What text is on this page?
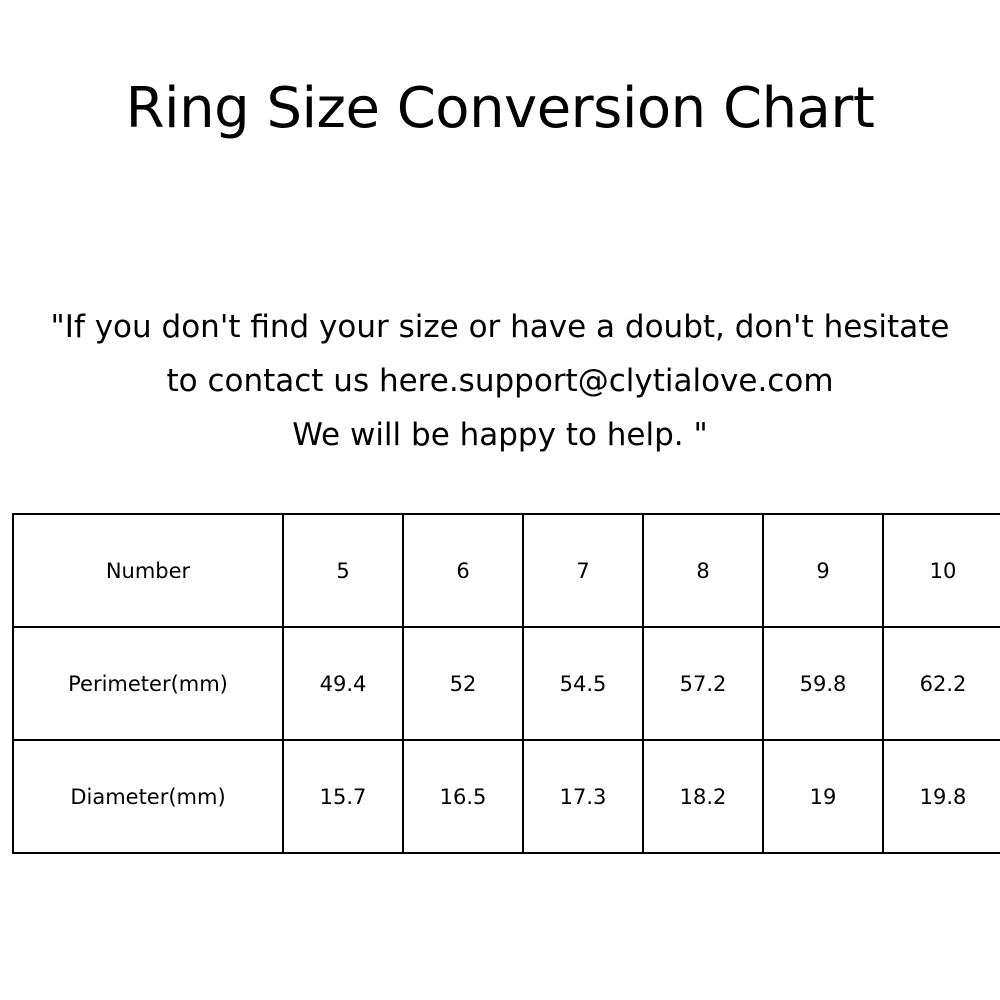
Ring Size Conversion Chart
"If you don't find your size or have a doubt, don't hesitate
to contact us here.support@clytialove.com
We will be happy to help. "
Number	5	6	7	8	9	10
Perimeter(mm)	49.4	52	54.5	57.2	59.8	62.2
Diameter(mm)	15.7	16.5	17.3	18.2	19	19.8
